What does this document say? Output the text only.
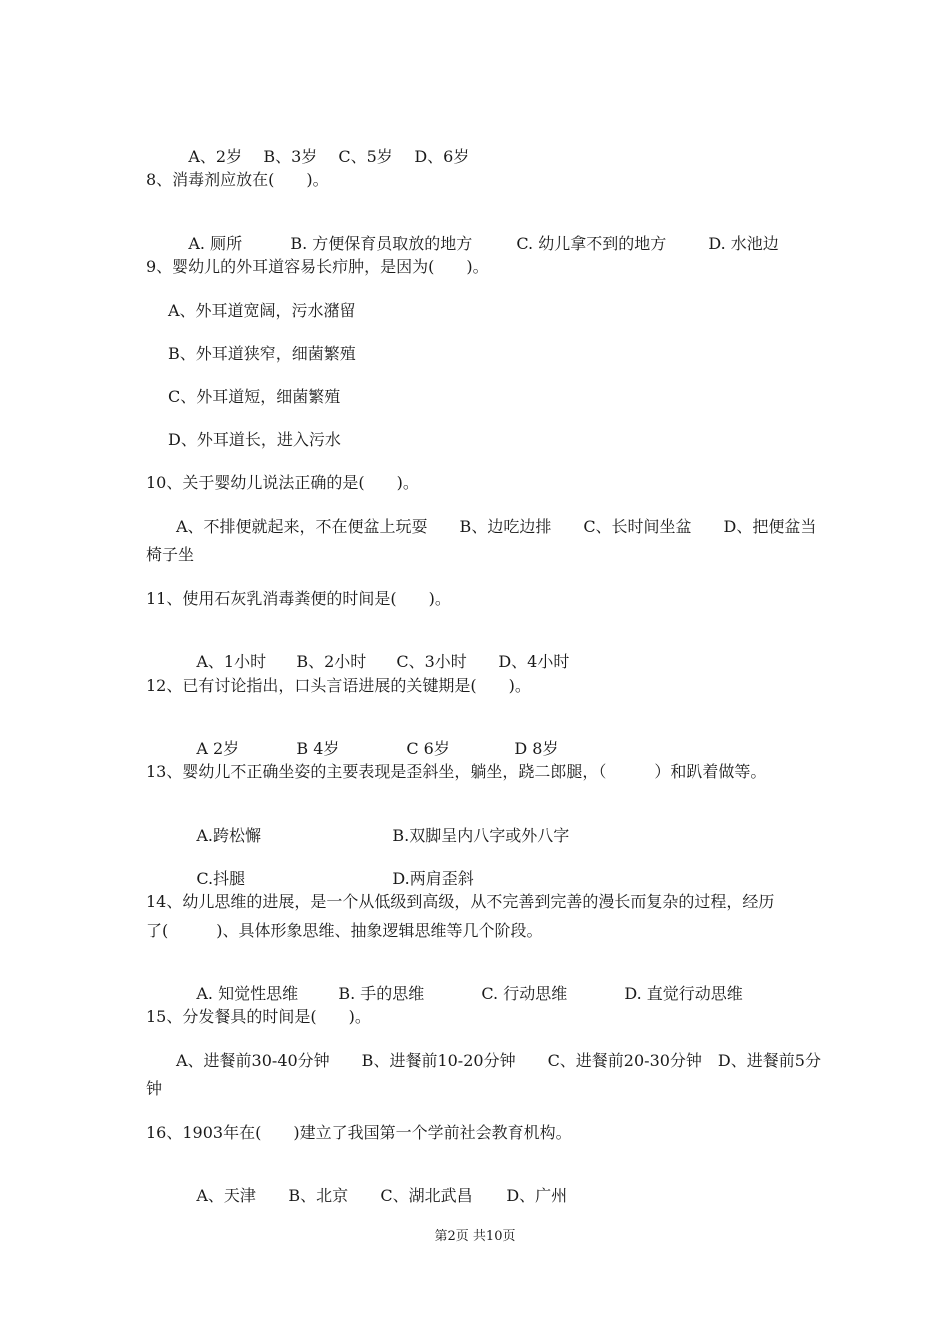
A、2岁 B、3岁 C、5岁 D、6岁

8、消毒剂应放在(　　)。

A. 厕所	B. 方便保育员取放的地方	C. 幼儿拿不到的地方	D. 水池边

9、婴幼儿的外耳道容易长疖肿，是因为(　　)。
A、外耳道宽阔，污水潴留
B、外耳道狭窄，细菌繁殖
C、外耳道短，细菌繁殖
D、外耳道长，进入污水
10、关于婴幼儿说法正确的是(　　)。
A、不排便就起来，不在便盆上玩耍　　B、边吃边排　　C、长时间坐盆　　D、把便盆当
椅子坐
11、使用石灰乳消毒粪便的时间是(　　)。

A、1小时 B、2小时 C、3小时 D、4小时

12、已有讨论指出，口头言语进展的关键期是(　　)。

A 2岁	B 4岁	C 6岁	D 8岁

13、婴幼儿不正确坐姿的主要表现是歪斜坐，躺坐，跷二郎腿，（　　　）和趴着做等。

A.跨松懈	B.双脚呈内八字或外八字

C.抖腿	D.两肩歪斜

14、幼儿思维的进展，是一个从低级到高级，从不完善到完善的漫长而复杂的过程，经历
了(　　　)、具体形象思维、抽象逻辑思维等几个阶段。

A. 知觉性思维	B. 手的思维	C. 行动思维	D. 直觉行动思维

15、分发餐具的时间是(　　)。
A、进餐前30-40分钟　　B、进餐前10-20分钟　　C、进餐前20-30分钟　D、进餐前5分
钟
16、1903年在(　　)建立了我国第一个学前社会教育机构。

A、天津 B、北京 C、湖北武昌 D、广州

第2页 共10页
